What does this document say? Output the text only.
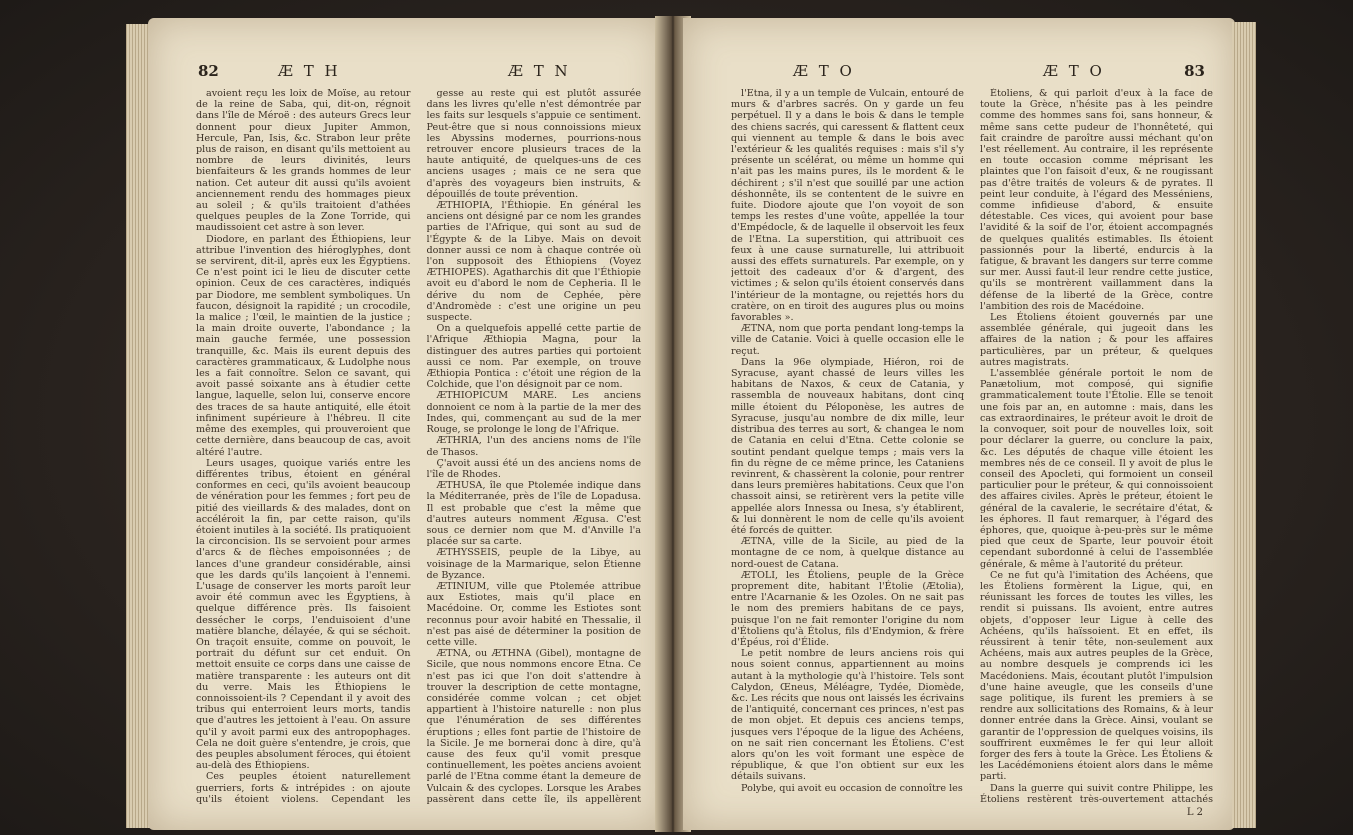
82	Æ T H	Æ T N

avoient reçu les loix de Moïse, au retour de la reine de Saba, qui, dit-on, régnoit dans l'île de Méroë : des auteurs Grecs leur donnent pour dieux Jupiter Ammon, Hercule, Pan, Isis, &c. Strabon leur prête plus de raison, en disant qu'ils mettoient au nombre de leurs divinités, leurs bienfaiteurs & les grands hommes de leur nation. Cet auteur dit aussi qu'ils avoient anciennement rendu des hommages pieux au soleil ; & qu'ils traitoient d'athées quelques peuples de la Zone Torride, qui maudissoient cet astre à son lever.

Diodore, en parlant des Éthiopiens, leur attribue l'invention des hiéroglyphes, dont se servirent, dit-il, après eux les Égyptiens. Ce n'est point ici le lieu de discuter cette opinion. Ceux de ces caractères, indiqués par Diodore, me semblent symboliques. Un faucon, désignoit la rapidité ; un crocodile, la malice ; l'œil, le maintien de la justice ; la main droite ouverte, l'abondance ; la main gauche fermée, une possession tranquille, &c. Mais ils eurent depuis des caractères grammaticaux, & Ludolphe nous les a fait connoître. Selon ce savant, qui avoit passé soixante ans à étudier cette langue, laquelle, selon lui, conserve encore des traces de sa haute antiquité, elle étoit infiniment supérieure à l'hébreu. Il cite même des exemples, qui prouveroient que cette dernière, dans beaucoup de cas, avoit altéré l'autre.

Leurs usages, quoique variés entre les différentes tribus, étoient en général conformes en ceci, qu'ils avoient beaucoup de vénération pour les femmes ; fort peu de pitié des vieillards & des malades, dont on accéléroit la fin, par cette raison, qu'ils étoient inutiles à la société. Ils pratiquoient la circoncision. Ils se servoient pour armes d'arcs & de flèches empoisonnées ; de lances d'une grandeur considérable, ainsi que les dards qu'ils lançoient à l'ennemi. L'usage de conserver les morts paroît leur avoir été commun avec les Égyptiens, à quelque différence près. Ils faisoient dessécher le corps, l'enduisoient d'une matière blanche, délayée, & qui se séchoit. On traçoit ensuite, comme on pouvoit, le portrait du défunt sur cet enduit. On mettoit ensuite ce corps dans une caisse de matière transparente : les auteurs ont dit du verre. Mais les Éthiopiens le connoissoient-ils ? Cependant il y avoit des tribus qui enterroient leurs morts, tandis que d'autres les jettoient à l'eau. On assure qu'il y avoit parmi eux des antropophages. Cela ne doit guère s'entendre, je crois, que des peuples absolument féroces, qui étoient au-delà des Éthiopiens.

Ces peuples étoient naturellement guerriers, forts & intrépides : on ajoute qu'ils étoient violens. Cependant les

gesse au reste qui est plutôt assurée dans les livres qu'elle n'est démontrée par les faits sur lesquels s'appuie ce sentiment. Peut-être que si nous connoissions mieux les Abyssins modernes, pourrions-nous retrouver encore plusieurs traces de la haute antiquité, de quelques-uns de ces anciens usages ; mais ce ne sera que d'après des voyageurs bien instruits, & dépouillés de toute prévention.

ÆTHIOPIA, l'Éthiopie. En général les anciens ont désigné par ce nom les grandes parties de l'Afrique, qui sont au sud de l'Égypte & de la Libye. Mais on devoit donner aussi ce nom à chaque contrée où l'on supposoit des Éthiopiens (Voyez ÆTHIOPES). Agatharchis dit que l'Éthiopie avoit eu d'abord le nom de Cepheria. Il le dérive du nom de Cephée, père d'Andromède : c'est une origine un peu suspecte.

On a quelquefois appellé cette partie de l'Afrique Æthiopia Magna, pour la distinguer des autres parties qui portoient aussi ce nom. Par exemple, on trouve Æthiopia Pontica : c'étoit une région de la Colchide, que l'on désignoit par ce nom.

ÆTHIOPICUM MARE. Les anciens donnoient ce nom à la partie de la mer des Indes, qui, commençant au sud de la mer Rouge, se prolonge le long de l'Afrique.

ÆTHRIA, l'un des anciens noms de l'île de Thasos.

Ç'avoit aussi été un des anciens noms de l'île de Rhodes.

ÆTHUSA, île que Ptolemée indique dans la Méditerranée, près de l'île de Lopadusa. Il est probable que c'est la même que d'autres auteurs nomment Ægusa. C'est sous ce dernier nom que M. d'Anville l'a placée sur sa carte.

ÆTHYSSEIS, peuple de la Libye, au voisinage de la Marmarique, selon Étienne de Byzance.

ÆTINIUM, ville que Ptolemée attribue aux Estiotes, mais qu'il place en Macédoine. Or, comme les Estiotes sont reconnus pour avoir habité en Thessalie, il n'est pas aisé de déterminer la position de cette ville.

ÆTNA, ou ÆTHNA (Gibel), montagne de Sicile, que nous nommons encore Etna. Ce n'est pas ici que l'on doit s'attendre à trouver la description de cette montagne, considérée comme volcan ; cet objet appartient à l'histoire naturelle : non plus que l'énumération de ses différentes éruptions ; elles font partie de l'histoire de la Sicile. Je me bornerai donc à dire, qu'à cause des feux qu'il vomit presque continuellement, les poètes anciens avoient parlé de l'Etna comme étant la demeure de Vulcain & des cyclopes. Lorsque les Arabes passèrent dans cette île, ils appellèrent

Æ T O	Æ T O	83

l'Etna, il y a un temple de Vulcain, entouré de murs & d'arbres sacrés. On y garde un feu perpétuel. Il y a dans le bois & dans le temple des chiens sacrés, qui caressent & flattent ceux qui viennent au temple & dans le bois avec l'extérieur & les qualités requises : mais s'il s'y présente un scélérat, ou même un homme qui n'ait pas les mains pures, ils le mordent & le déchirent ; s'il n'est que souillé par une action déshonnête, ils se contentent de le suivre en fuite. Diodore ajoute que l'on voyoit de son temps les restes d'une voûte, appellée la tour d'Empédocle, & de laquelle il observoit les feux de l'Etna. La superstition, qui attribuoit ces feux à une cause surnaturelle, lui attribuoit aussi des effets surnaturels. Par exemple, on y jettoit des cadeaux d'or & d'argent, des victimes ; & selon qu'ils étoient conservés dans l'intérieur de la montagne, ou rejettés hors du cratère, on en tiroit des augures plus ou moins favorables ».

ÆTNA, nom que porta pendant long-temps la ville de Catanie. Voici à quelle occasion elle le reçut.

Dans la 96e olympiade, Hiéron, roi de Syracuse, ayant chassé de leurs villes les habitans de Naxos, & ceux de Catania, y rassembla de nouveaux habitans, dont cinq mille étoient du Péloponèse, les autres de Syracuse, jusqu'au nombre de dix mille, leur distribua des terres au sort, & changea le nom de Catania en celui d'Etna. Cette colonie se soutint pendant quelque temps ; mais vers la fin du règne de ce même prince, les Cataniens revinrent, & chassèrent la colonie, pour rentrer dans leurs premières habitations. Ceux que l'on chassoit ainsi, se retirèrent vers la petite ville appellée alors Innessa ou Inesa, s'y établirent, & lui donnèrent le nom de celle qu'ils avoient été forcés de quitter.

ÆTNA, ville de la Sicile, au pied de la montagne de ce nom, à quelque distance au nord-ouest de Catana.

ÆTOLI, les Étoliens, peuple de la Grèce proprement dite, habitant l'Étolie (Ætolia), entre l'Acarnanie & les Ozoles. On ne sait pas le nom des premiers habitans de ce pays, puisque l'on ne fait remonter l'origine du nom d'Étoliens qu'à Étolus, fils d'Endymion, & frère d'Épéus, roi d'Élide.

Le petit nombre de leurs anciens rois qui nous soient connus, appartiennent au moins autant à la mythologie qu'à l'histoire. Tels sont Calydon, Œneus, Méléagre, Tydée, Diomède, &c. Les récits que nous ont laissés les écrivains de l'antiquité, concernant ces princes, n'est pas de mon objet. Et depuis ces anciens temps, jusques vers l'époque de la ligue des Achéens, on ne sait rien concernant les Étoliens. C'est alors qu'on les voit formant une espèce de république, & que l'on obtient sur eux les détails suivans.

Polybe, qui avoit eu occasion de connoître les

Étoliens, & qui parloit d'eux à la face de toute la Grèce, n'hésite pas à les peindre comme des hommes sans foi, sans honneur, & même sans cette pudeur de l'honnêteté, qui fait craindre de paroître aussi méchant qu'on l'est réellement. Au contraire, il les représente en toute occasion comme méprisant les plaintes que l'on faisoit d'eux, & ne rougissant pas d'être traités de voleurs & de pyrates. Il peint leur conduite, à l'égard des Messéniens, comme infidieuse d'abord, & ensuite détestable. Ces vices, qui avoient pour base l'avidité & la soif de l'or, étoient accompagnés de quelques qualités estimables. Ils étoient passionnés pour la liberté, endurcis à la fatigue, & bravant les dangers sur terre comme sur mer. Aussi faut-il leur rendre cette justice, qu'ils se montrèrent vaillamment dans la défense de la liberté de la Grèce, contre l'ambition des rois de Macédoine.

Les Étoliens étoient gouvernés par une assemblée générale, qui jugeoit dans les affaires de la nation ; & pour les affaires particulières, par un préteur, & quelques autres magistrats.

L'assemblée générale portoit le nom de Panætolium, mot composé, qui signifie grammaticalement toute l'Étolie. Elle se tenoit une fois par an, en automne : mais, dans les cas extraordinaires, le préteur avoit le droit de la convoquer, soit pour de nouvelles loix, soit pour déclarer la guerre, ou conclure la paix, &c. Les députés de chaque ville étoient les membres nés de ce conseil. Il y avoit de plus le conseil des Apocleti, qui formoient un conseil particulier pour le préteur, & qui connoissoient des affaires civiles. Après le préteur, étoient le général de la cavalerie, le secrétaire d'état, & les éphores. Il faut remarquer, à l'égard des éphores, que, quoique à-peu-près sur le même pied que ceux de Sparte, leur pouvoir étoit cependant subordonné à celui de l'assemblée générale, & même à l'autorité du préteur.

Ce ne fut qu'à l'imitation des Achéens, que les Étoliens formèrent la Ligue, qui, en réunissant les forces de toutes les villes, les rendit si puissans. Ils avoient, entre autres objets, d'opposer leur Ligue à celle des Achéens, qu'ils haïssoient. Et en effet, ils réussirent à tenir tête, non-seulement aux Achéens, mais aux autres peuples de la Grèce, au nombre desquels je comprends ici les Macédoniens. Mais, écoutant plutôt l'impulsion d'une haine aveugle, que les conseils d'une sage politique, ils furent les premiers à se rendre aux sollicitations des Romains, & à leur donner entrée dans la Grèce. Ainsi, voulant se garantir de l'oppression de quelques voisins, ils souffrirent euxmêmes le fer qui leur alloit forger des fers à toute la Grèce. Les Étoliens & les Lacédémoniens étoient alors dans le même parti.

Dans la guerre qui suivit contre Philippe, les Étoliens restèrent très-ouvertement attachés

L 2
